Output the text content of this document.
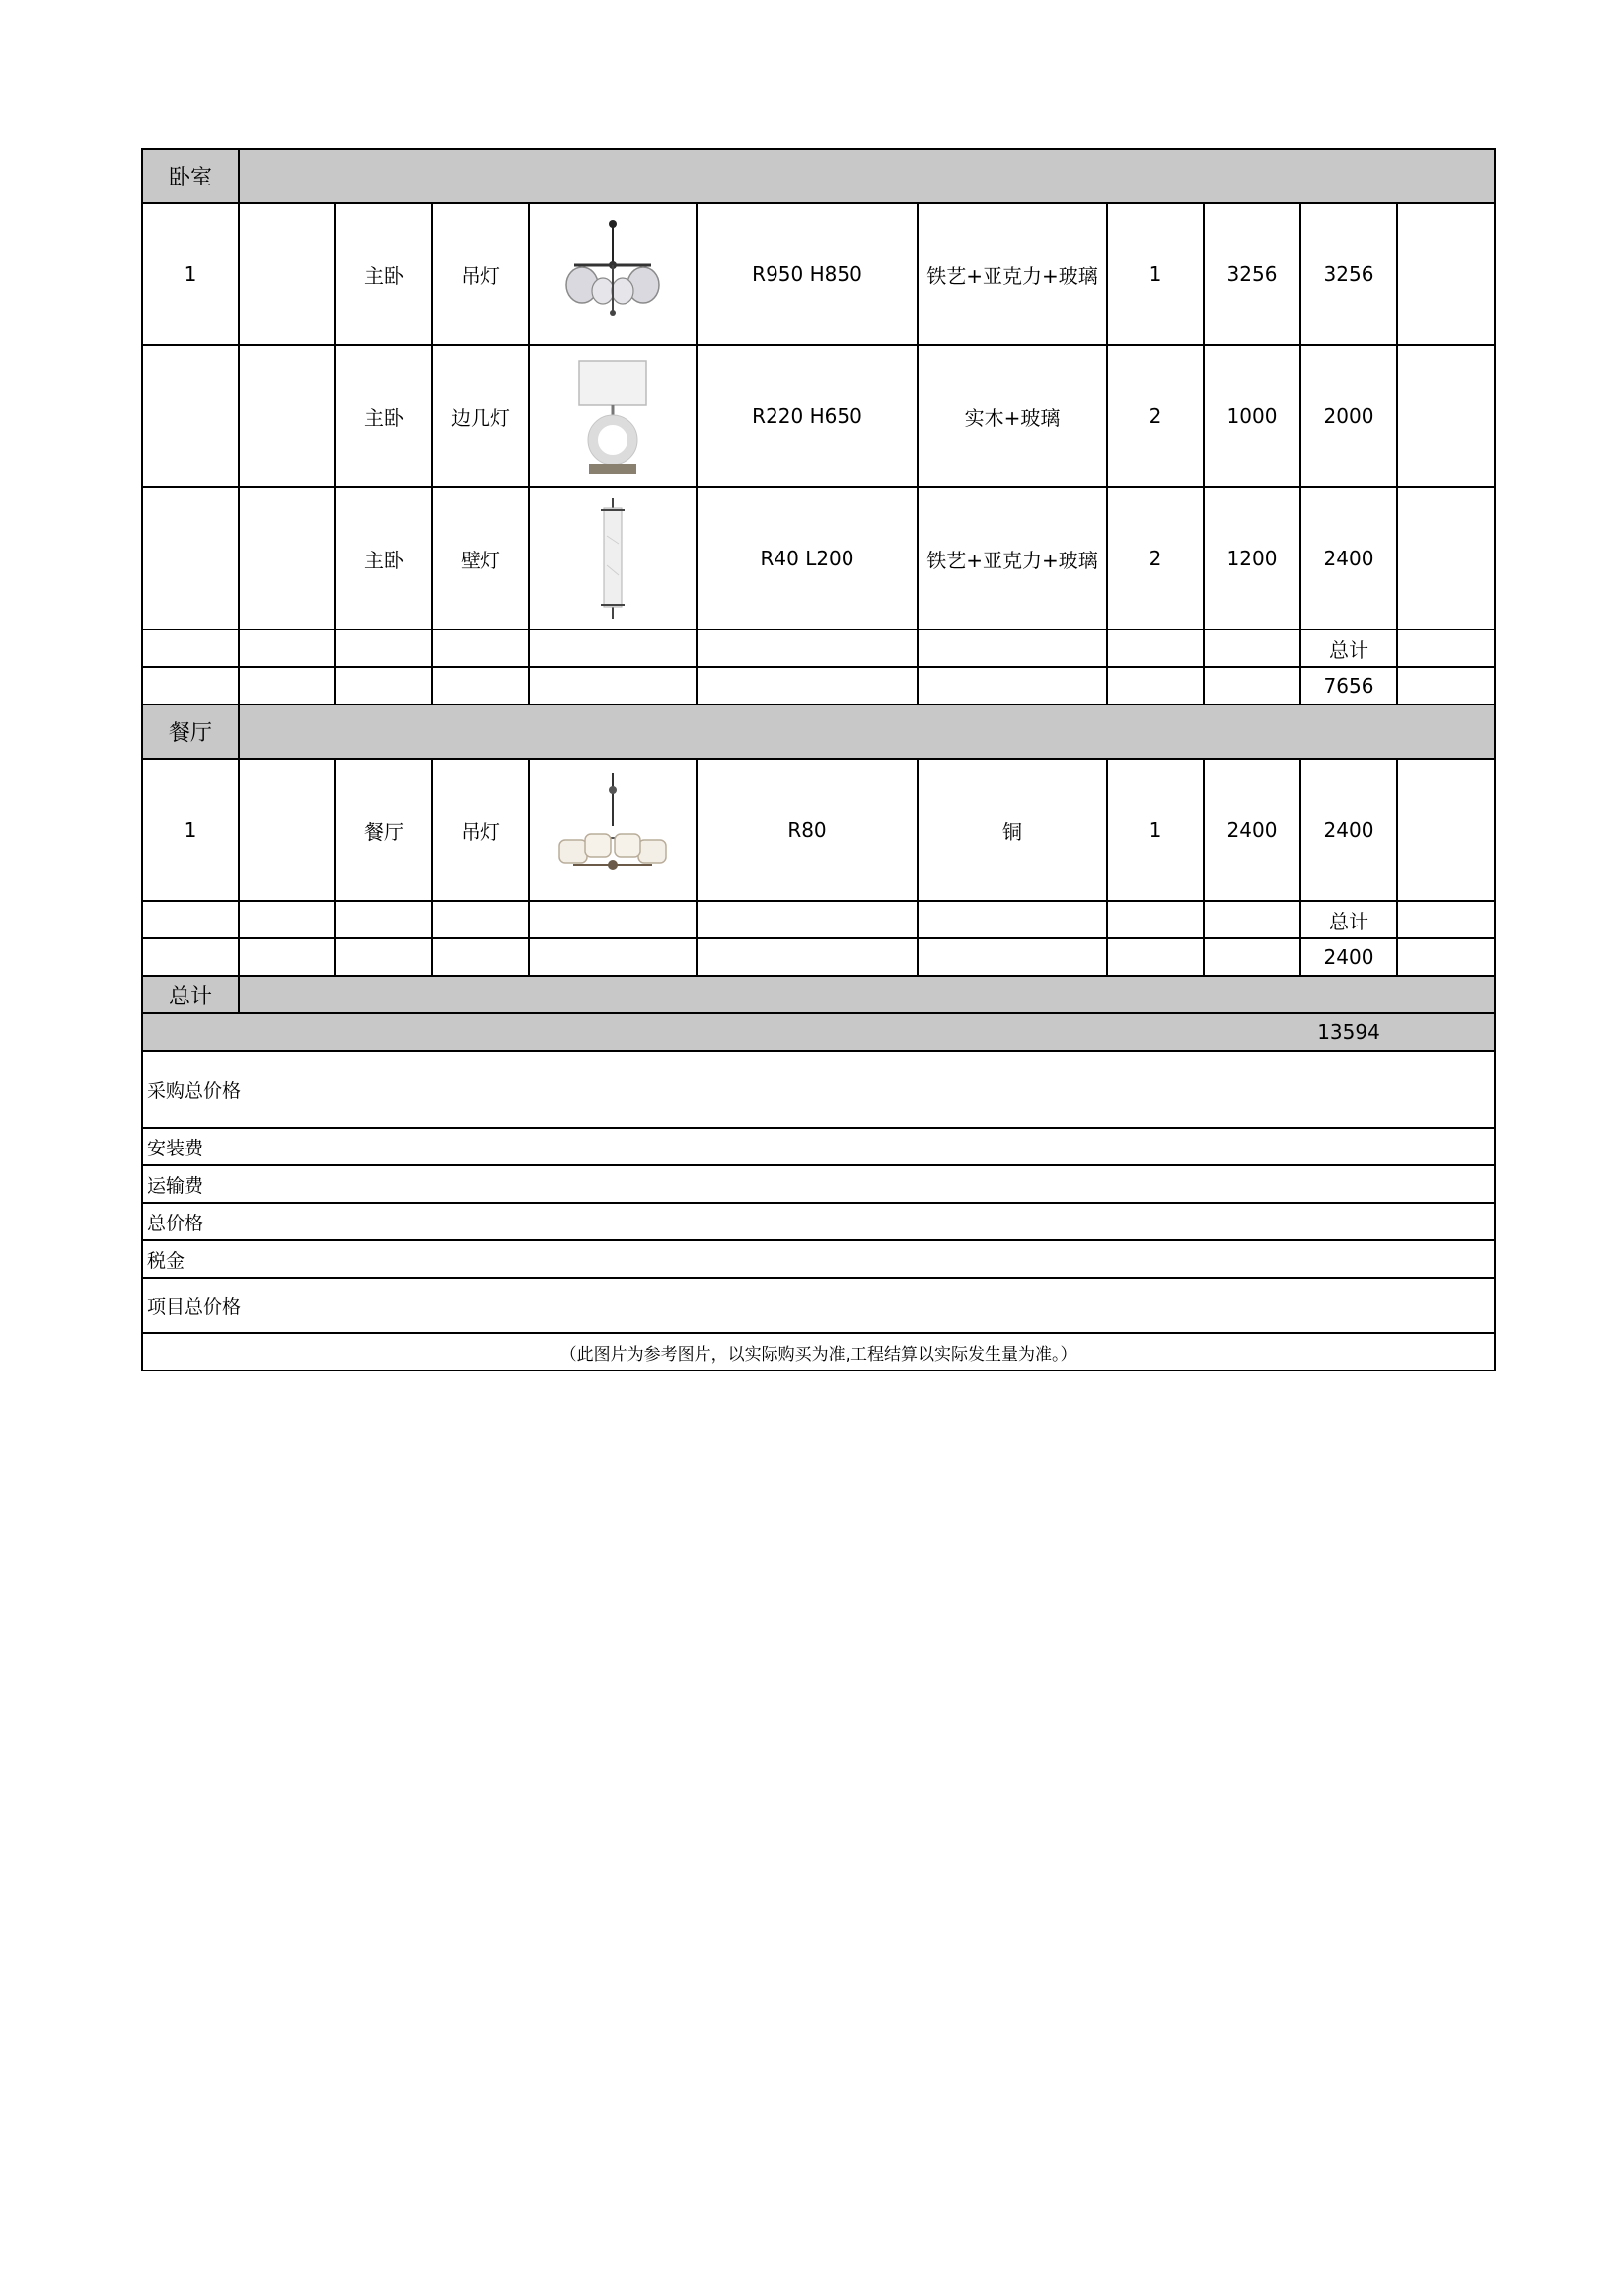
卧室										
1		主卧	吊灯		R950 H850	铁艺+亚克力+玻璃	1	3256	3256	
		主卧	边几灯		R220 H650	实木+玻璃	2	1000	2000	
		主卧	壁灯		R40 L200	铁艺+亚克力+玻璃	2	1200	2400	
									总计	
									7656	
餐厅										
1		餐厅	吊灯		R80	铜	1	2400	2400	
									总计	
									2400	
总计										
									13594	
采购总价格										
安装费										
运输费										
总价格										
税金										
项目总价格										
（此图片为参考图片，以实际购买为准,工程结算以实际发生量为准。）										
